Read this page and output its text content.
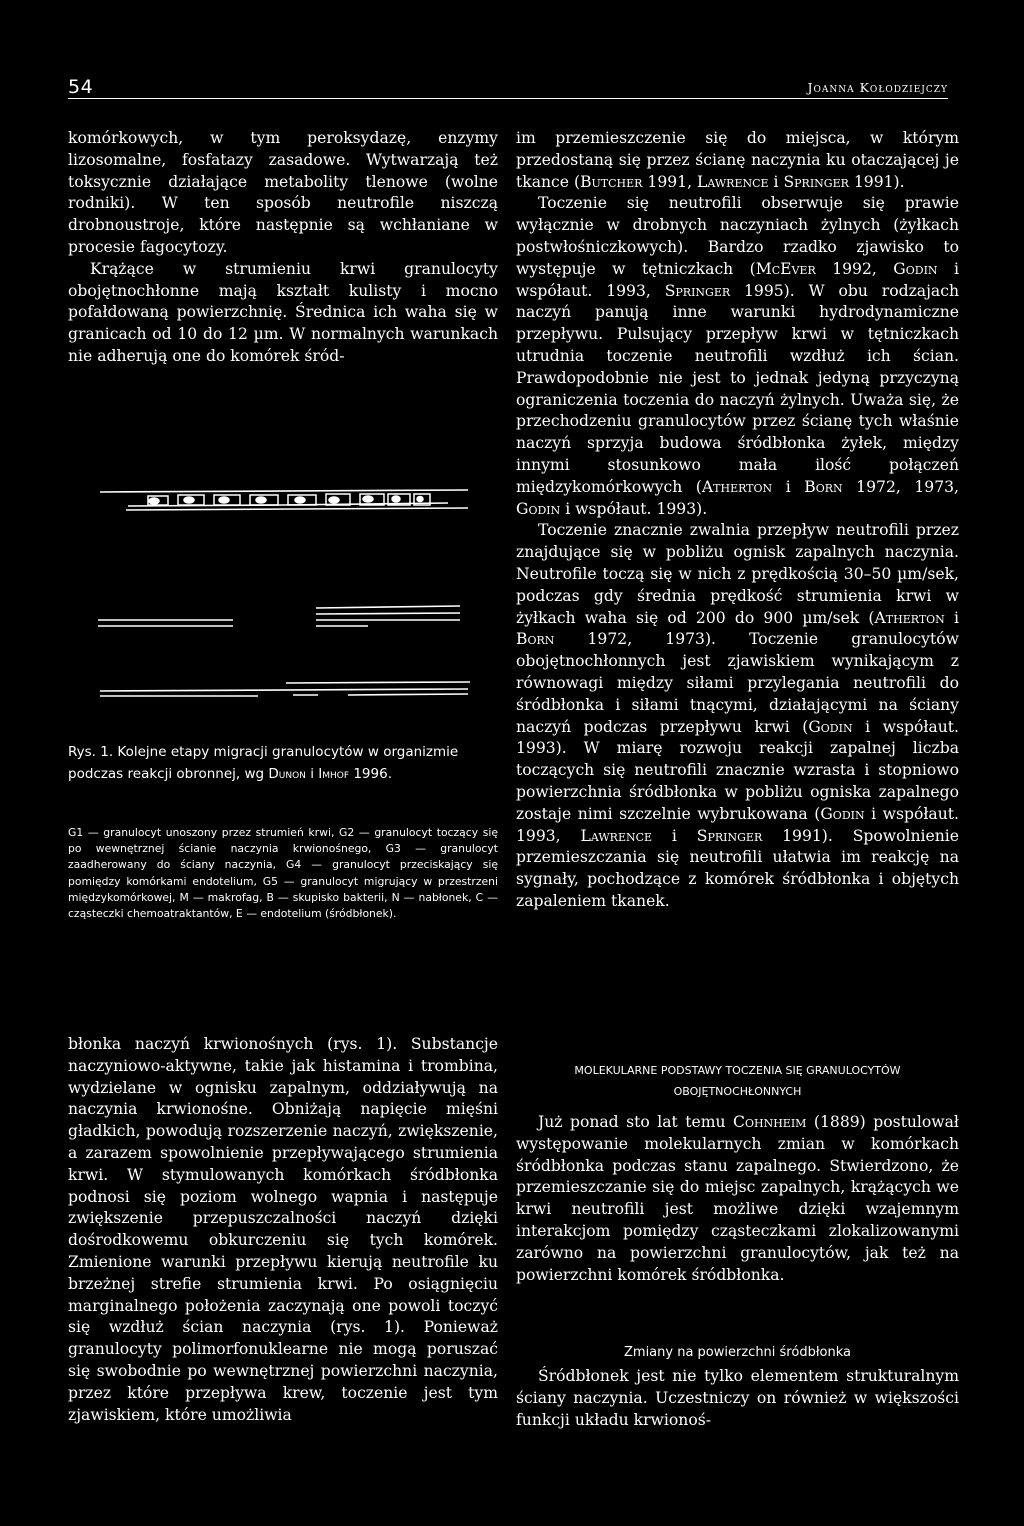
54	Joanna Kołodziejczy

komórkowych, w tym peroksydazę, enzymy lizosomalne, fosfatazy zasadowe. Wytwarzają też toksycznie działające metabolity tlenowe (wolne rodniki). W ten sposób neutrofile niszczą drobnoustroje, które następnie są wchłaniane w procesie fagocytozy.

Krążące w strumieniu krwi granulocyty obojętnochłonne mają kształt kulisty i mocno pofałdowaną powierzchnię. Średnica ich waha się w granicach od 10 do 12 µm. W normalnych warunkach nie adherują one do komórek śród-

Rys. 1. Kolejne etapy migracji granulocytów w organizmie podczas reakcji obronnej, wg Dunon i Imhof 1996.

G1 — granulocyt unoszony przez strumień krwi, G2 — granulocyt toczący się po wewnętrznej ścianie naczynia krwionośnego, G3 — granulocyt zaadherowany do ściany naczynia, G4 — granulocyt przeciskający się pomiędzy komórkami endotelium, G5 — granulocyt migrujący w przestrzeni międzykomórkowej, M — makrofag, B — skupisko bakterii, N — nabłonek, C — cząsteczki chemoatraktantów, E — endotelium (śródbłonek).

błonka naczyń krwionośnych (rys. 1). Substancje naczyniowo-aktywne, takie jak histamina i trombina, wydzielane w ognisku zapalnym, oddziaływują na naczynia krwionośne. Obniżają napięcie mięśni gładkich, powodują rozszerzenie naczyń, zwiększenie, a zarazem spowolnienie przepływającego strumienia krwi. W stymulowanych komórkach śródbłonka podnosi się poziom wolnego wapnia i następuje zwiększenie przepuszczalności naczyń dzięki dośrodkowemu obkurczeniu się tych komórek. Zmienione warunki przepływu kierują neutrofile ku brzeżnej strefie strumienia krwi. Po osiągnięciu marginalnego położenia zaczynają one powoli toczyć się wzdłuż ścian naczynia (rys. 1). Ponieważ granulocyty polimorfonuklearne nie mogą poruszać się swobodnie po wewnętrznej powierzchni naczynia, przez które przepływa krew, toczenie jest tym zjawiskiem, które umożliwia

im przemieszczenie się do miejsca, w którym przedostaną się przez ścianę naczynia ku otaczającej je tkance (Butcher 1991, Lawrence i Springer 1991).

Toczenie się neutrofili obserwuje się prawie wyłącznie w drobnych naczyniach żylnych (żyłkach postwłośniczkowych). Bardzo rzadko zjawisko to występuje w tętniczkach (McEver 1992, Godin i współaut. 1993, Springer 1995). W obu rodzajach naczyń panują inne warunki hydrodynamiczne przepływu. Pulsujący przepływ krwi w tętniczkach utrudnia toczenie neutrofili wzdłuż ich ścian. Prawdopodobnie nie jest to jednak jedyną przyczyną ograniczenia toczenia do naczyń żylnych. Uważa się, że przechodzeniu granulocytów przez ścianę tych właśnie naczyń sprzyja budowa śródbłonka żyłek, między innymi stosunkowo mała ilość połączeń międzykomórkowych (Atherton i Born 1972, 1973, Godin i współaut. 1993).

Toczenie znacznie zwalnia przepływ neutrofili przez znajdujące się w pobliżu ognisk zapalnych naczynia. Neutrofile toczą się w nich z prędkością 30–50 µm/sek, podczas gdy średnia prędkość strumienia krwi w żyłkach waha się od 200 do 900 µm/sek (Atherton i Born 1972, 1973). Toczenie granulocytów obojętnochłonnych jest zjawiskiem wynikającym z równowagi między siłami przylegania neutrofili do śródbłonka i siłami tnącymi, działającymi na ściany naczyń podczas przepływu krwi (Godin i współaut. 1993). W miarę rozwoju reakcji zapalnej liczba toczących się neutrofili znacznie wzrasta i stopniowo powierzchnia śródbłonka w pobliżu ogniska zapalnego zostaje nimi szczelnie wybrukowana (Godin i współaut. 1993, Lawrence i Springer 1991). Spowolnienie przemieszczania się neutrofili ułatwia im reakcję na sygnały, pochodzące z komórek śródbłonka i objętych zapaleniem tkanek.

MOLEKULARNE PODSTAWY TOCZENIA SIĘ GRANULOCYTÓW OBOJĘTNOCHŁONNYCH

Już ponad sto lat temu Cohnheim (1889) postulował występowanie molekularnych zmian w komórkach śródbłonka podczas stanu zapalnego. Stwierdzono, że przemieszczanie się do miejsc zapalnych, krążących we krwi neutrofili jest możliwe dzięki wzajemnym interakcjom pomiędzy cząsteczkami zlokalizowanymi zarówno na powierzchni granulocytów, jak też na powierzchni komórek śródbłonka.

Zmiany na powierzchni śródbłonka

Śródbłonek jest nie tylko elementem strukturalnym ściany naczynia. Uczestniczy on również w większości funkcji układu krwionoś-
